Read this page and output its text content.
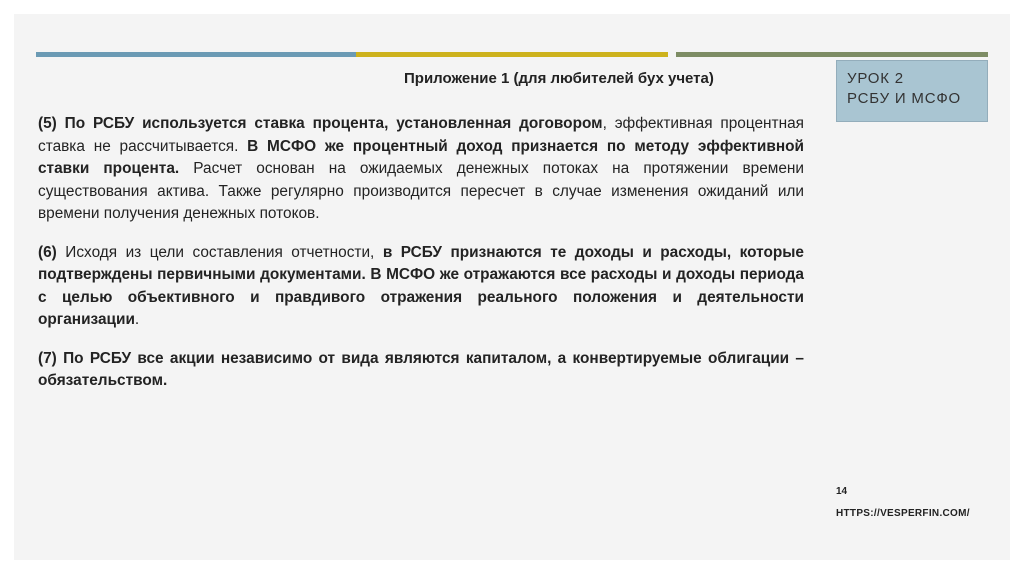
Приложение 1 (для любителей бух учета)	УРОК 2
РСБУ И МСФО

(5) По РСБУ используется ставка процента, установленная договором, эффективная процентная ставка не рассчитывается. В МСФО же процентный доход признается по методу эффективной ставки процента. Расчет основан на ожидаемых денежных потоках на протяжении времени существования актива. Также регулярно производится пересчет в случае изменения ожиданий или времени получения денежных потоков.

(6) Исходя из цели составления отчетности, в РСБУ признаются те доходы и расходы, которые подтверждены первичными документами. В МСФО же отражаются все расходы и доходы периода с целью объективного и правдивого отражения реального положения и деятельности организации.

(7) По РСБУ все акции независимо от вида являются капиталом, а конвертируемые облигации – обязательством.

14
HTTPS://VESPERFIN.COM/
